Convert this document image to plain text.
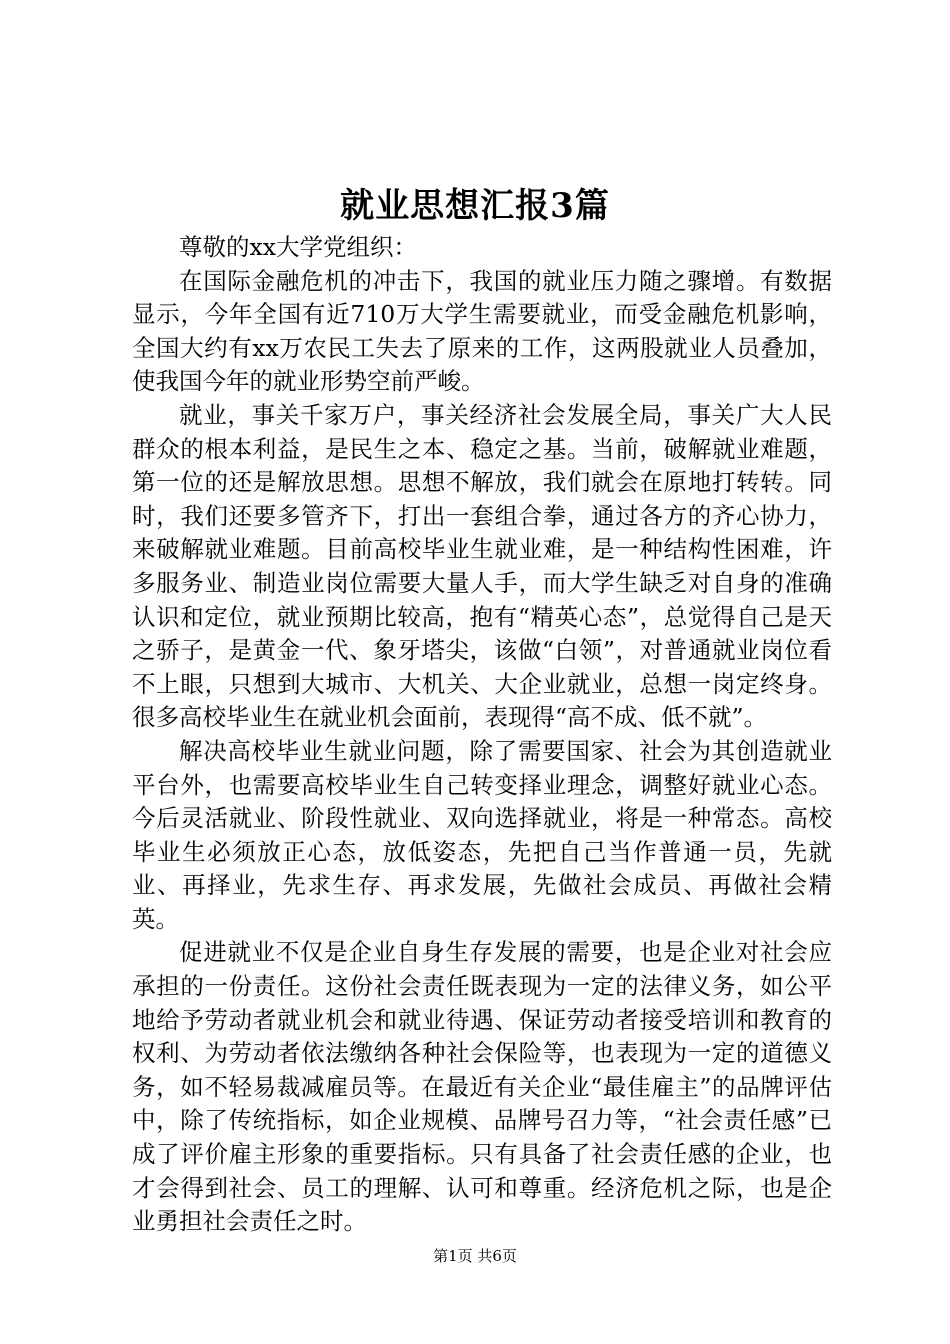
就业思想汇报3篇

尊敬的xx大学党组织：

在国际金融危机的冲击下，我国的就业压力随之骤增。有数据显示，今年全国有近710万大学生需要就业，而受金融危机影响，全国大约有xx万农民工失去了原来的工作，这两股就业人员叠加，使我国今年的就业形势空前严峻。

就业，事关千家万户，事关经济社会发展全局，事关广大人民群众的根本利益，是民生之本、稳定之基。当前，破解就业难题，第一位的还是解放思想。思想不解放，我们就会在原地打转转。同时，我们还要多管齐下，打出一套组合拳，通过各方的齐心协力，来破解就业难题。目前高校毕业生就业难，是一种结构性困难，许多服务业、制造业岗位需要大量人手，而大学生缺乏对自身的准确认识和定位，就业预期比较高，抱有“精英心态”，总觉得自己是天之骄子，是黄金一代、象牙塔尖，该做“白领”，对普通就业岗位看不上眼，只想到大城市、大机关、大企业就业，总想一岗定终身。很多高校毕业生在就业机会面前，表现得“高不成、低不就”。

解决高校毕业生就业问题，除了需要国家、社会为其创造就业平台外，也需要高校毕业生自己转变择业理念，调整好就业心态。今后灵活就业、阶段性就业、双向选择就业，将是一种常态。高校毕业生必须放正心态，放低姿态，先把自己当作普通一员，先就业、再择业，先求生存、再求发展，先做社会成员、再做社会精英。

促进就业不仅是企业自身生存发展的需要，也是企业对社会应承担的一份责任。这份社会责任既表现为一定的法律义务，如公平地给予劳动者就业机会和就业待遇、保证劳动者接受培训和教育的权利、为劳动者依法缴纳各种社会保险等，也表现为一定的道德义务，如不轻易裁减雇员等。在最近有关企业“最佳雇主”的品牌评估中，除了传统指标，如企业规模、品牌号召力等，“社会责任感”已成了评价雇主形象的重要指标。只有具备了社会责任感的企业，也才会得到社会、员工的理解、认可和尊重。经济危机之际，也是企业勇担社会责任之时。

第1页 共6页
